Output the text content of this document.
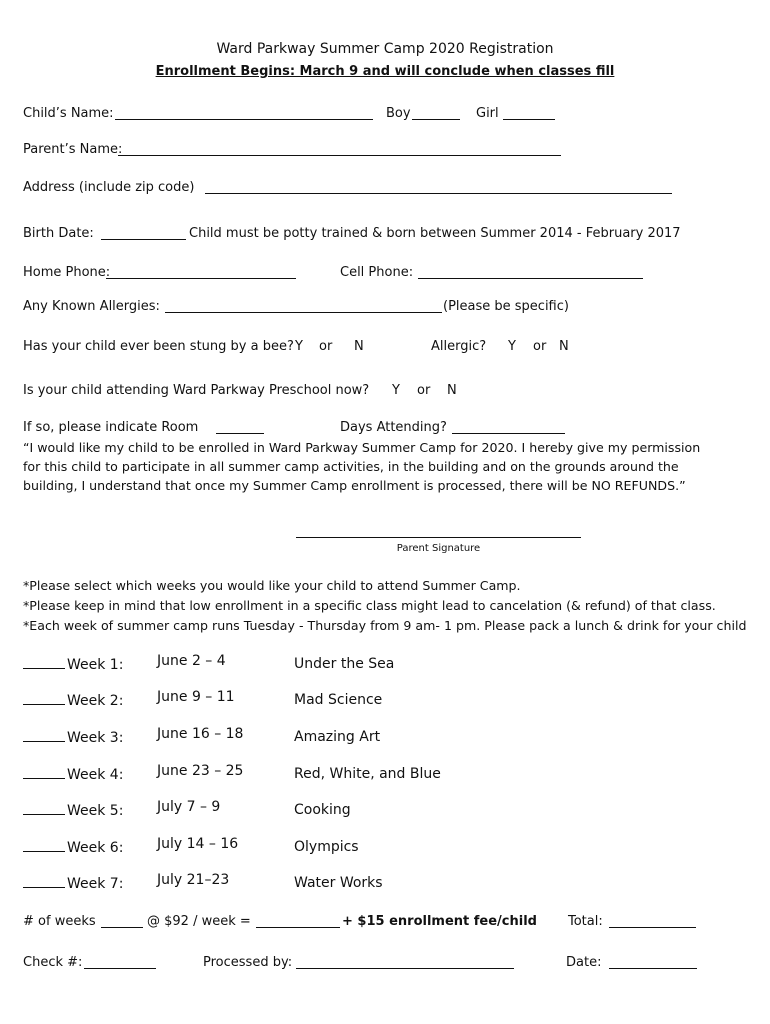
Ward Parkway Summer Camp 2020 Registration
Enrollment Begins: March 9 and will conclude when classes fill
Child’s Name:	Boy	Girl
Parent’s Name:
Address (include zip code)
Birth Date:	Child must be potty trained & born between Summer 2014 - February 2017
Home Phone:	Cell Phone:
Any Known Allergies:	(Please be specific)
Has your child ever been stung by a bee? Y or N	Allergic? Y or N
Is your child attending Ward Parkway Preschool now? Y or N
If so, please indicate Room	Days Attending?
“I would like my child to be enrolled in Ward Parkway Summer Camp for 2020. I hereby give my permission
for this child to participate in all summer camp activities, in the building and on the grounds around the
building, I understand that once my Summer Camp enrollment is processed, there will be NO REFUNDS.”
Parent Signature
*Please select which weeks you would like your child to attend Summer Camp.
*Please keep in mind that low enrollment in a specific class might lead to cancelation (& refund) of that class.
*Each week of summer camp runs Tuesday - Thursday from 9 am- 1 pm. Please pack a lunch & drink for your child
Week 1: June 2 – 4	Under the Sea
Week 2: June 9 – 11	Mad Science
Week 3: June 16 – 18	Amazing Art
Week 4: June 23 – 25	Red, White, and Blue
Week 5: July 7 – 9	Cooking
Week 6: July 14 – 16	Olympics
Week 7: July 21–23	Water Works
# of weeks	@ $92 / week =	+ $15 enrollment fee/child Total:
Check #:	Processed by:	Date:
